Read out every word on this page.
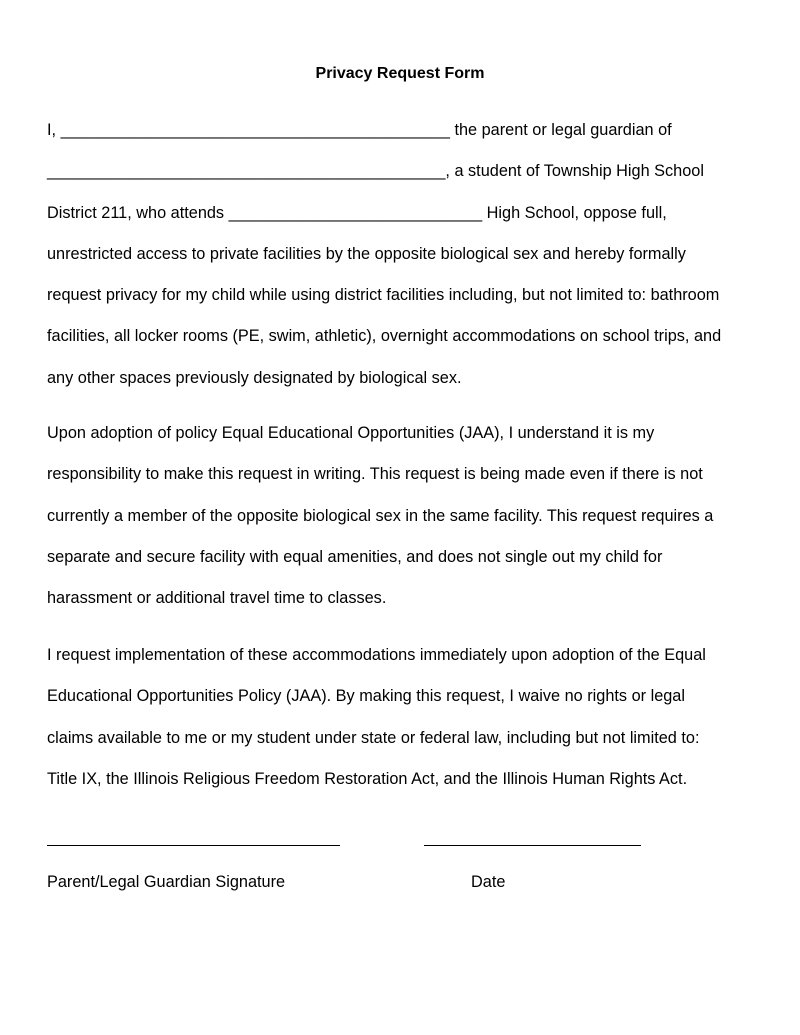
Privacy Request Form
I, ___________________________________________ the parent or legal guardian of
____________________________________________, a student of Township High School
District 211, who attends ____________________________ High School, oppose full,
unrestricted access to private facilities by the opposite biological sex and hereby formally
request privacy for my child while using district facilities including, but not limited to: bathroom
facilities, all locker rooms (PE, swim, athletic), overnight accommodations on school trips, and
any other spaces previously designated by biological sex.
Upon adoption of policy Equal Educational Opportunities (JAA), I understand it is my
responsibility to make this request in writing. This request is being made even if there is not
currently a member of the opposite biological sex in the same facility. This request requires a
separate and secure facility with equal amenities, and does not single out my child for
harassment or additional travel time to classes.
I request implementation of these accommodations immediately upon adoption of the Equal
Educational Opportunities Policy (JAA). By making this request, I waive no rights or legal
claims available to me or my student under state or federal law, including but not limited to:
Title IX, the Illinois Religious Freedom Restoration Act, and the Illinois Human Rights Act.

Parent/Legal Guardian Signature	Date
